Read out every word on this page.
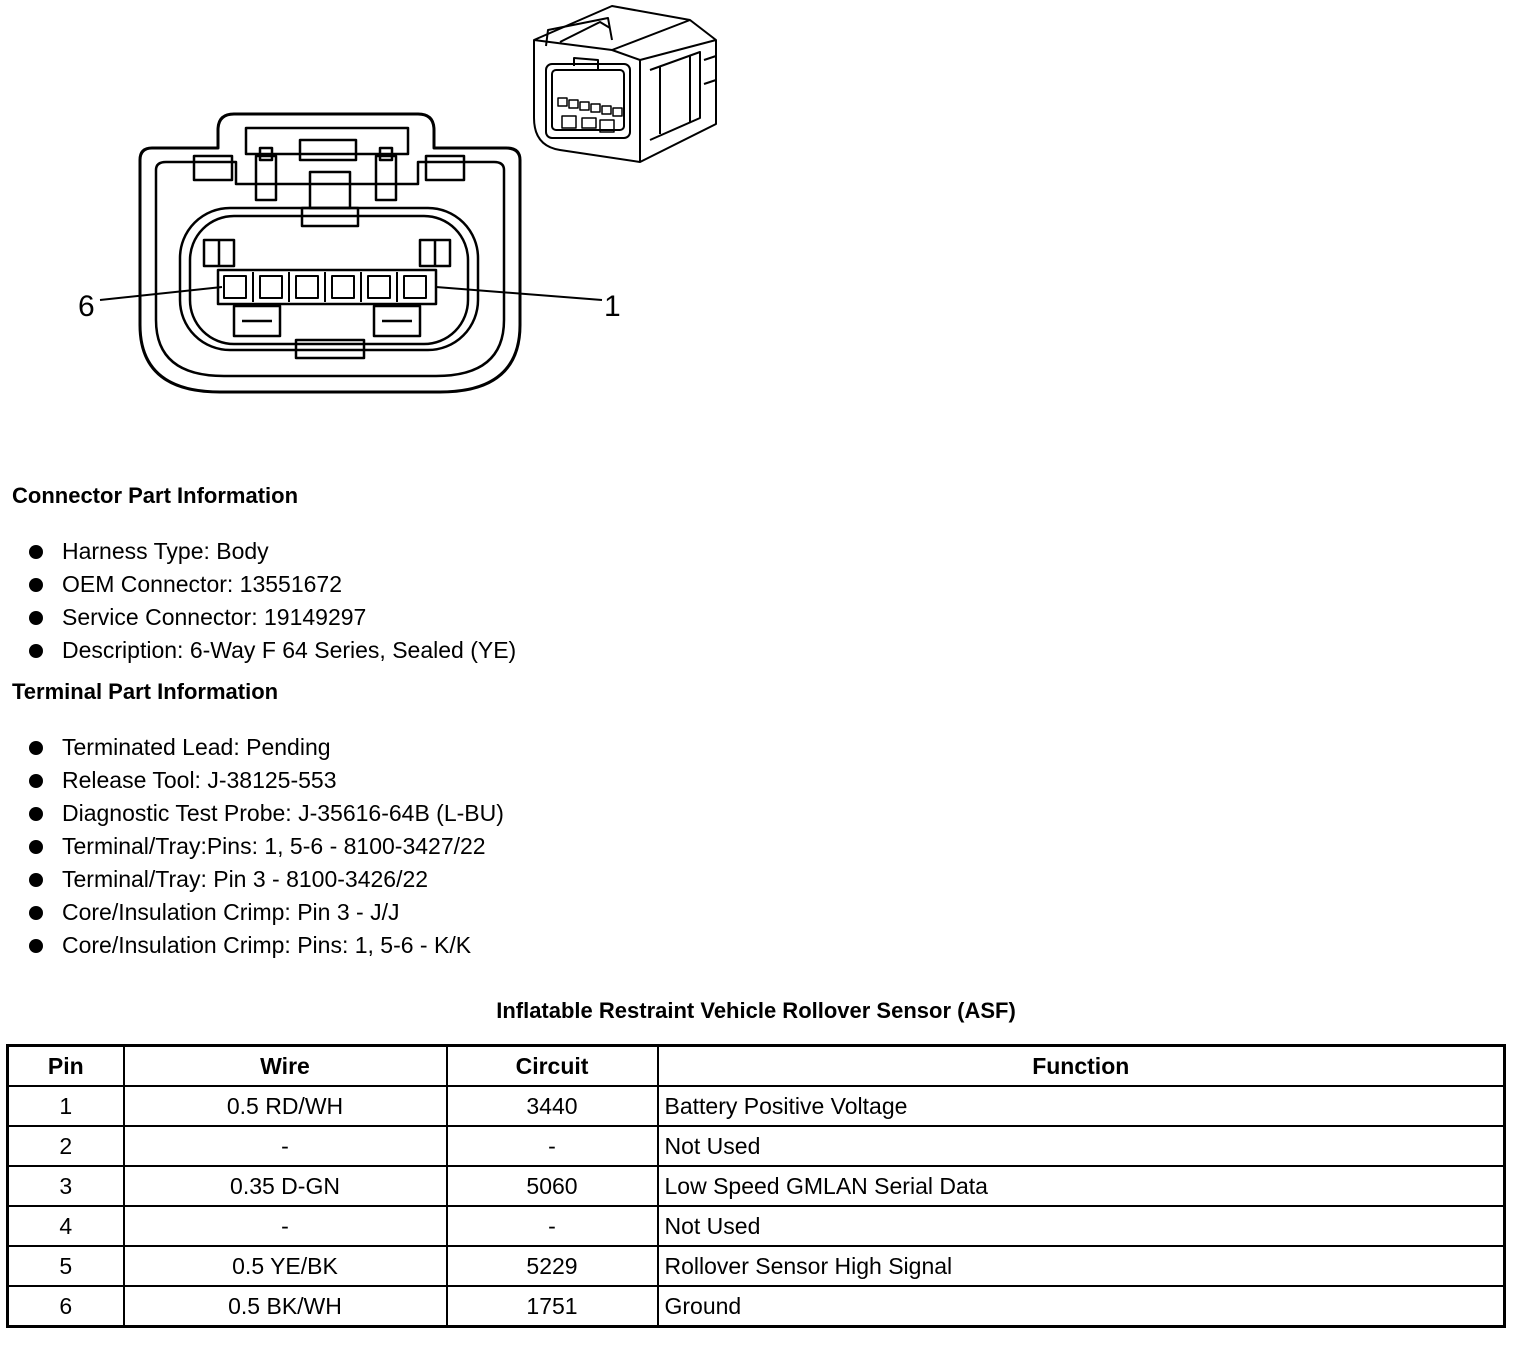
6	1
Connector Part Information
Harness Type: Body
OEM Connector: 13551672
Service Connector: 19149297
Description: 6-Way F 64 Series, Sealed (YE)
Terminal Part Information
Terminated Lead: Pending
Release Tool: J-38125-553
Diagnostic Test Probe: J-35616-64B (L-BU)
Terminal/Tray:Pins: 1, 5-6 - 8100-3427/22
Terminal/Tray: Pin 3 - 8100-3426/22
Core/Insulation Crimp: Pin 3 - J/J
Core/Insulation Crimp: Pins: 1, 5-6 - K/K
Inflatable Restraint Vehicle Rollover Sensor (ASF)
Pin	Wire	Circuit	Function
1	0.5 RD/WH	3440	Battery Positive Voltage
2	-	-	Not Used
3	0.35 D-GN	5060	Low Speed GMLAN Serial Data
4	-	-	Not Used
5	0.5 YE/BK	5229	Rollover Sensor High Signal
6	0.5 BK/WH	1751	Ground
